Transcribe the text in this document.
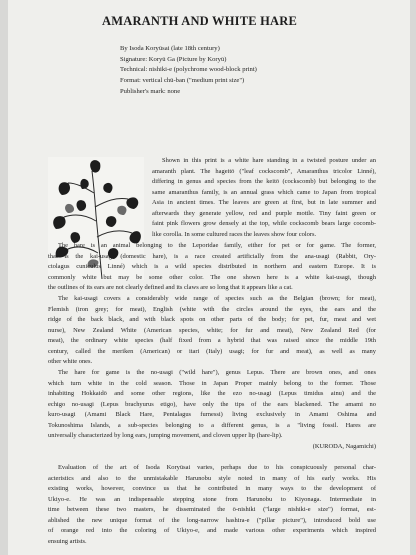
AMARANTH AND WHITE HARE
By Isoda Koryūsai (late 18th century)
Signature: Koryū Ga (Picture by Koryū)
Technical: nishiki-e (polychrome wood-block print)
Format: vertical chū-ban ("medium print size")
Publisher's mark: none
Shown in this print is a white hare standing in a twisted posture under an
amaranth plant. The hageitō ("leaf cockscomb", Amaranthus tricolor Linné),
differing in genus and species from the keitō (cockscomb) but belonging to the
same amaranthus family, is an annual grass which came to Japan from tropical
Asia in ancient times. The leaves are green at first, but in late summer and
afterwards they generate yellow, red and purple mottle. Tiny faint green or
faint pink flowers grow densely at the top, while cockscomb bears large cocomb-
like corolla. In some cultured races the leaves show four colors.
The hare is an animal belonging to the Leporidae family, either for pet or for game. The former,
that is the kai-usagi (domestic hare), is a race created artificially from the ana-usagi (Rabbit, Ory-
ctolagus cuniculus Linné) which is a wild species distributed in northern and eastern Europe. It is
commonly white but may be some other color. The one shown here is a white kai-usagi, though
the outlines of its ears are not clearly defined and its claws are so long that it appears like a cat.
The kai-usagi covers a considerably wide range of species such as the Belgian (brown; for meat),
Flemish (iron grey; for meat), English (white with the circles around the eyes, the ears and the
ridge of the back black, and with black spots on other parts of the body; for pet, fur, meat and wet
nurse), New Zealand White (American species, white; for fur and meat), New Zealand Red (for
meat), the ordinary white species (half fixed from a hybrid that was raised since the middle 19th
century, called the meriken (American) or itari (Italy) usagi; for fur and meat), as well as many
other white ones.
The hare for game is the no-usagi ("wild hare"), genus Lepus. There are brown ones, and ones
which turn white in the cold season. Those in Japan Proper mainly belong to the former. Those
inhabiting Hokkaidō and some other regions, like the ezo no-usagi (Lepus timidus ainu) and the
echigo no-usagi (Lepus brachyurus etigo), have only the tips of the ears blackened. The amami no
kuro-usagi (Amami Black Hare, Pentalagus furnessi) living exclusively in Amami Oshima and
Tokunoshima Islands, a sub-species belonging to a different genus, is a "living fossil. Hares are
universally characterized by long ears, jumping movement, and cloven upper lip (hare-lip).
(KURODA, Nagamichi)
Evaluation of the art of Isoda Koryūsai varies, perhaps due to his conspicuously personal char-
acteristics and also to the unmistakable Harunobu style noted in many of his early works. His
existing works, however, convince us that he contributed in many ways to the development of
Ukiyo-e. He was an indispensable stepping stone from Harunobu to Kiyonaga. Intermediate in
time between these two masters, he disseminated the ō-nishiki ("large nishiki-e size") format, est-
ablished the new unique format of the long-narrow hashira-e ("pillar picture"), introduced bold use
of orange red into the coloring of Ukiyo-e, and made various other experiments which inspired
ensuing artists.
